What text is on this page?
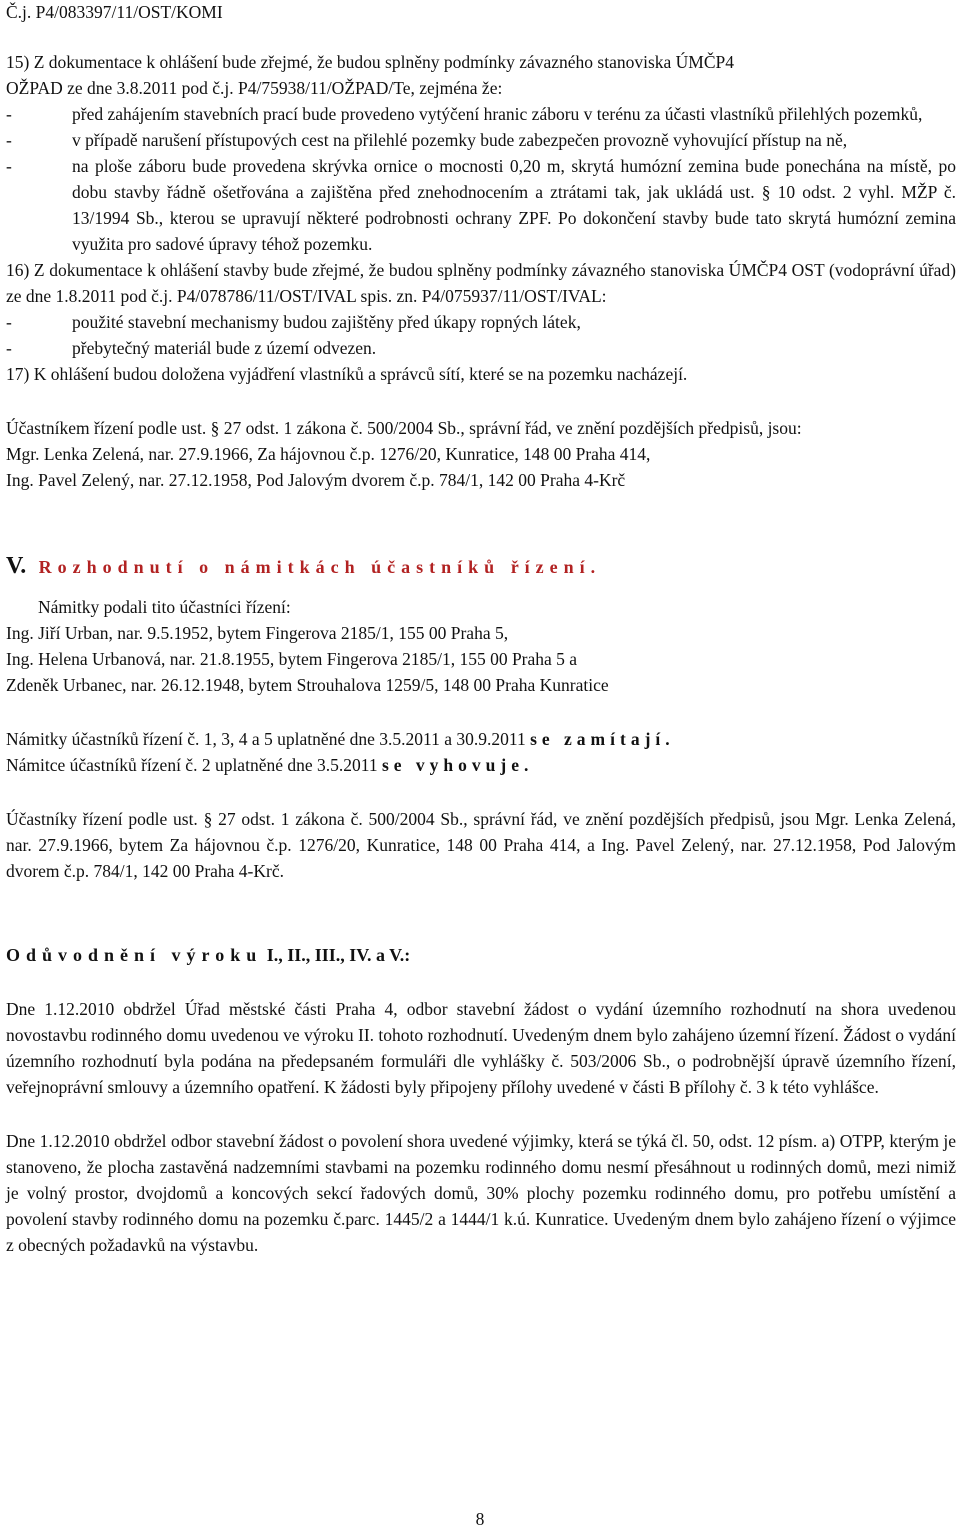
Č.j. P4/083397/11/OST/KOMI

15) Z dokumentace k ohlášení bude zřejmé, že budou splněny podmínky závazného stanoviska ÚMČP4

OŽPAD ze dne 3.8.2011 pod č.j. P4/75938/11/OŽPAD/Te, zejména že:

-	před zahájením stavebních prací bude provedeno vytýčení hranic záboru v terénu za účasti vlastníků přilehlých pozemků,
-	v případě narušení přístupových cest na přilehlé pozemky bude zabezpečen provozně vyhovující přístup na ně,
-	na ploše záboru bude provedena skrývka ornice o mocnosti 0,20 m, skrytá humózní zemina bude ponechána na místě, po dobu stavby řádně ošetřována a zajištěna před znehodnocením a ztrátami tak, jak ukládá ust. § 10 odst. 2 vyhl. MŽP č. 13/1994 Sb., kterou se upravují některé podrobnosti ochrany ZPF. Po dokončení stavby bude tato skrytá humózní zemina využita pro sadové úpravy téhož pozemku.

16) Z dokumentace k ohlášení stavby bude zřejmé, že budou splněny podmínky závazného stanoviska ÚMČP4 OST (vodoprávní úřad) ze dne 1.8.2011 pod č.j. P4/078786/11/OST/IVAL spis. zn. P4/075937/11/OST/IVAL:

-	použité stavební mechanismy budou zajištěny před úkapy ropných látek,
-	přebytečný materiál bude z území odvezen.

17) K ohlášení budou doložena vyjádření vlastníků a správců sítí, které se na pozemku nacházejí.

Účastníkem řízení podle ust. § 27 odst. 1 zákona č. 500/2004 Sb., správní řád, ve znění pozdějších předpisů, jsou:

Mgr. Lenka Zelená, nar. 27.9.1966, Za hájovnou č.p. 1276/20, Kunratice, 148 00 Praha 414,

Ing. Pavel Zelený, nar. 27.12.1958, Pod Jalovým dvorem č.p. 784/1, 142 00 Praha 4-Krč

V. Rozhodnutí o námitkách účastníků řízení.

Námitky podali tito účastníci řízení:

Ing. Jiří Urban, nar. 9.5.1952, bytem Fingerova 2185/1, 155 00 Praha 5,

Ing. Helena Urbanová, nar. 21.8.1955, bytem Fingerova 2185/1, 155 00 Praha 5 a

Zdeněk Urbanec, nar. 26.12.1948, bytem Strouhalova 1259/5, 148 00 Praha Kunratice

Námitky účastníků řízení č. 1, 3, 4 a 5 uplatněné dne 3.5.2011 a 30.9.2011 se zamítají.

Námitce účastníků řízení č. 2 uplatněné dne 3.5.2011 se vyhovuje.

Účastníky řízení podle ust. § 27 odst. 1 zákona č. 500/2004 Sb., správní řád, ve znění pozdějších předpisů, jsou Mgr. Lenka Zelená, nar. 27.9.1966, bytem Za hájovnou č.p. 1276/20, Kunratice, 148 00 Praha 414, a Ing. Pavel Zelený, nar. 27.12.1958, Pod Jalovým dvorem č.p. 784/1, 142 00 Praha 4-Krč.

Odůvodnění výroku I., II., III., IV. a V.:

Dne 1.12.2010 obdržel Úřad městské části Praha 4, odbor stavební žádost o vydání územního rozhodnutí na shora uvedenou novostavbu rodinného domu uvedenou ve výroku II. tohoto rozhodnutí. Uvedeným dnem bylo zahájeno územní řízení. Žádost o vydání územního rozhodnutí byla podána na předepsaném formuláři dle vyhlášky č. 503/2006 Sb., o podrobnější úpravě územního řízení, veřejnoprávní smlouvy a územního opatření. K žádosti byly připojeny přílohy uvedené v části B přílohy č. 3 k této vyhlášce.

Dne 1.12.2010 obdržel odbor stavební žádost o povolení shora uvedené výjimky, která se týká čl. 50, odst. 12 písm. a) OTPP, kterým je stanoveno, že plocha zastavěná nadzemními stavbami na pozemku rodinného domu nesmí přesáhnout u rodinných domů, mezi nimiž je volný prostor, dvojdomů a koncových sekcí řadových domů, 30% plochy pozemku rodinného domu, pro potřebu umístění a povolení stavby rodinného domu na pozemku č.parc. 1445/2 a 1444/1 k.ú. Kunratice. Uvedeným dnem bylo zahájeno řízení o výjimce z obecných požadavků na výstavbu.

8
